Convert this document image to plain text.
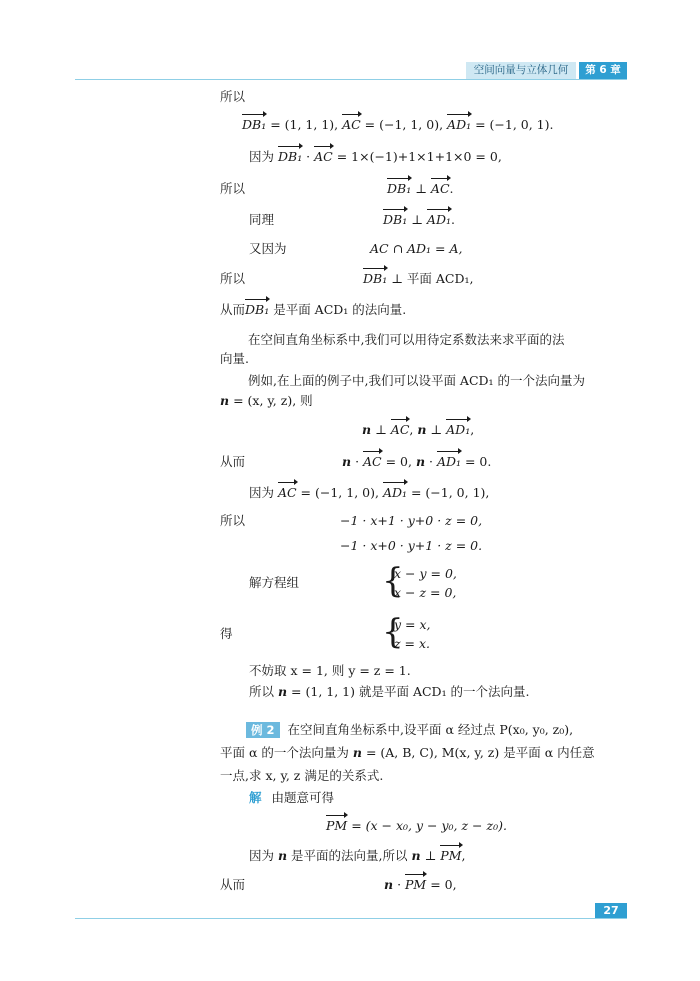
空间向量与立体几何	第 6 章
所以
DB₁ = (1, 1, 1), AC = (−1, 1, 0), AD₁ = (−1, 0, 1).
因为 DB₁ · AC = 1×(−1)+1×1+1×0 = 0,
所以	DB₁ ⊥ AC.
同理	DB₁ ⊥ AD₁.
又因为	AC ∩ AD₁ = A,
所以	DB₁ ⊥ 平面 ACD₁,
从而DB₁ 是平面 ACD₁ 的法向量.
在空间直角坐标系中,我们可以用待定系数法来求平面的法
向量.
例如,在上面的例子中,我们可以设平面 ACD₁ 的一个法向量为
n = (x, y, z), 则
n ⊥ AC, n ⊥ AD₁,
从而	n · AC = 0, n · AD₁ = 0.
因为 AC = (−1, 1, 0), AD₁ = (−1, 0, 1),
所以	−1 · x+1 · y+0 · z = 0,
−1 · x+0 · y+1 · z = 0.
解方程组 {
x − y = 0,
x − z = 0,
得	{
y = x,
z = x.
不妨取 x = 1, 则 y = z = 1.
所以 n = (1, 1, 1) 就是平面 ACD₁ 的一个法向量.
例 2 在空间直角坐标系中,设平面 α 经过点 P(x₀, y₀, z₀),
平面 α 的一个法向量为 n = (A, B, C), M(x, y, z) 是平面 α 内任意
一点,求 x, y, z 满足的关系式.
解 由题意可得
PM = (x − x₀, y − y₀, z − z₀).
因为 n 是平面的法向量,所以 n ⊥ PM,
从而	n · PM = 0,
27
